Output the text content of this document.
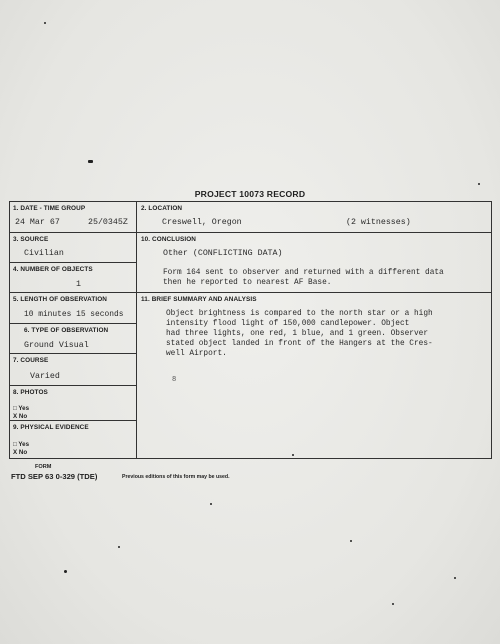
PROJECT 10073 RECORD
1. DATE - TIME GROUP
24 Mar 67	25/0345Z
2. LOCATION
Creswell, Oregon	(2 witnesses)
3. SOURCE
Civilian
10. CONCLUSION
Other (CONFLICTING DATA)
Form 164 sent to observer and returned with a different data
then he reported to nearest AF Base.
4. NUMBER OF OBJECTS
1
5. LENGTH OF OBSERVATION
10 minutes 15 seconds
11. BRIEF SUMMARY AND ANALYSIS
Object brightness is compared to the north star or a high
intensity flood light of 150,000 candlepower. Object
had three lights, one red, 1 blue, and 1 green. Observer
stated object landed in front of the Hangers at the Cres-
well Airport.
8
6. TYPE OF OBSERVATION
Ground Visual
7. COURSE
Varied
8. PHOTOS
□ Yes
X No
9. PHYSICAL EVIDENCE
□ Yes
X No
FORM
FTD SEP 63 0-329 (TDE)	Previous editions of this form may be used.
